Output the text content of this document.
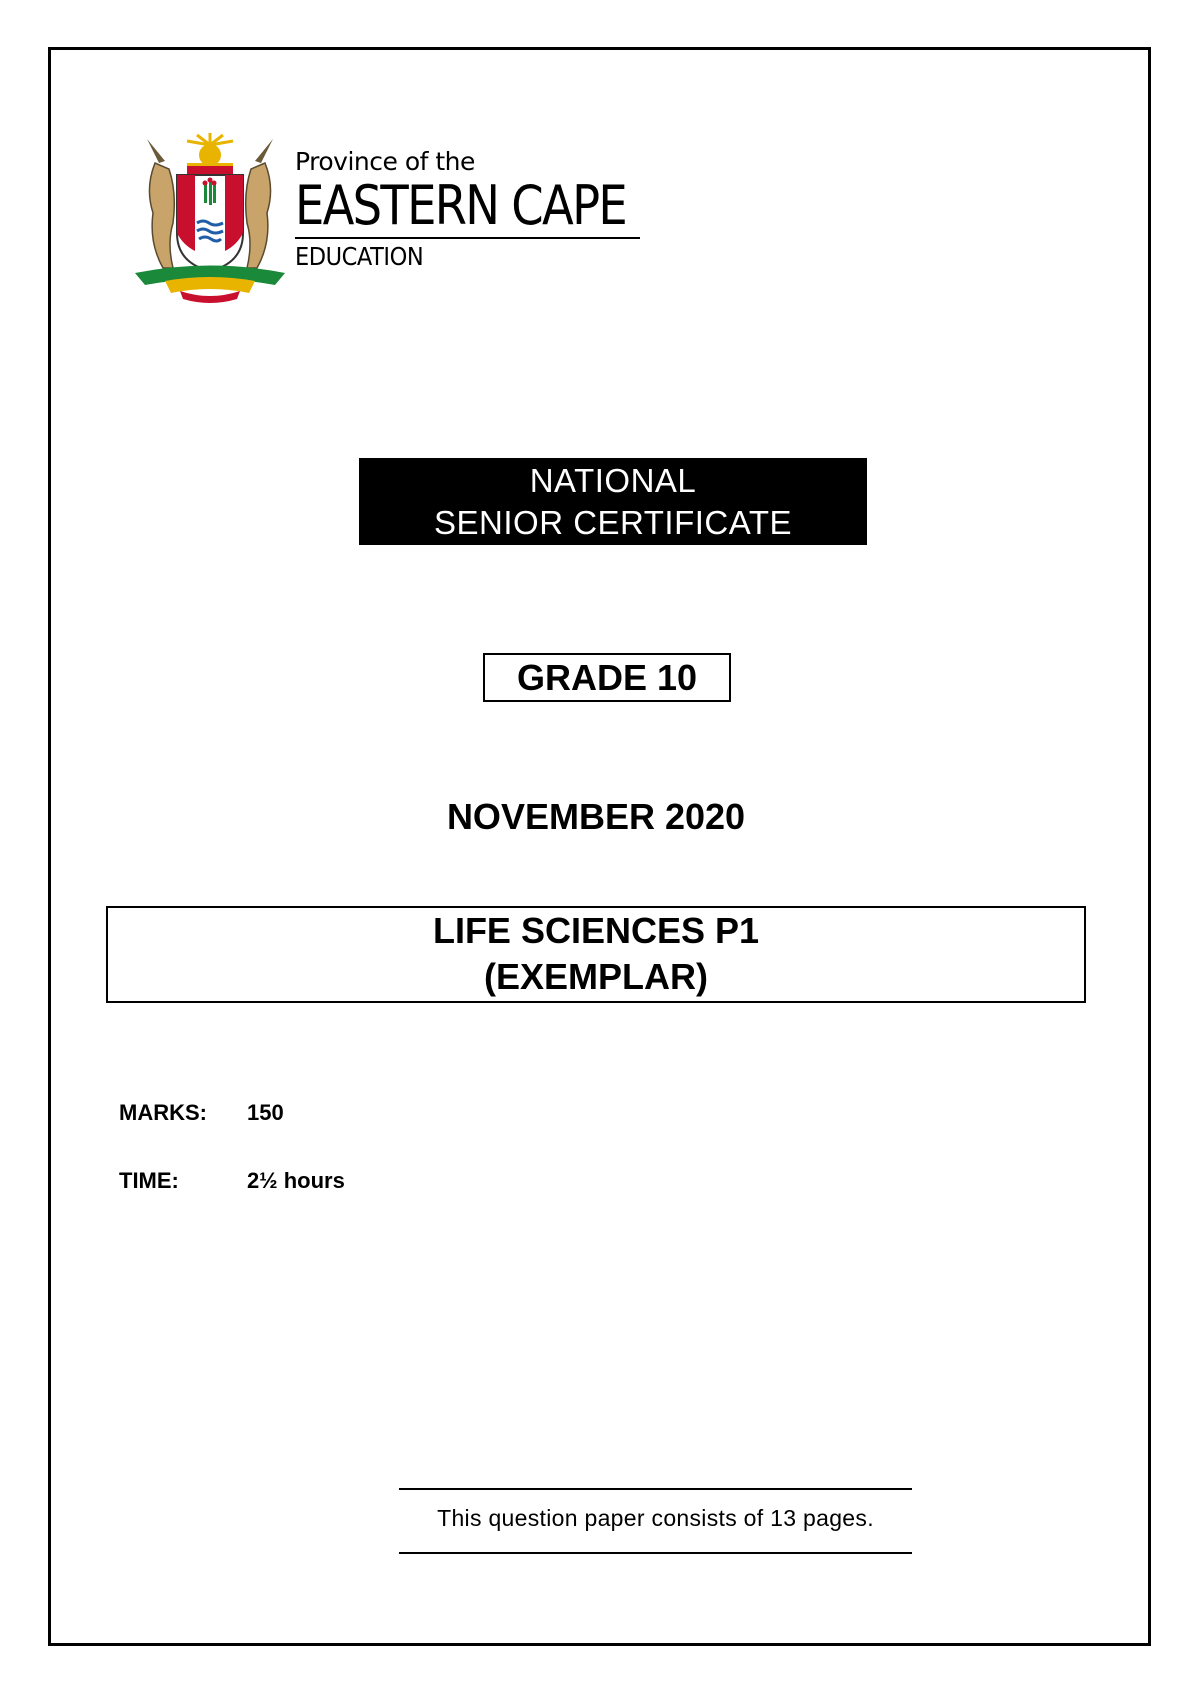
Province of the
EASTERN CAPE
EDUCATION
NATIONAL
SENIOR CERTIFICATE
GRADE 10
NOVEMBER 2020
LIFE SCIENCES P1
(EXEMPLAR)
MARKS: 150
TIME:	2½ hours
This question paper consists of 13 pages.
